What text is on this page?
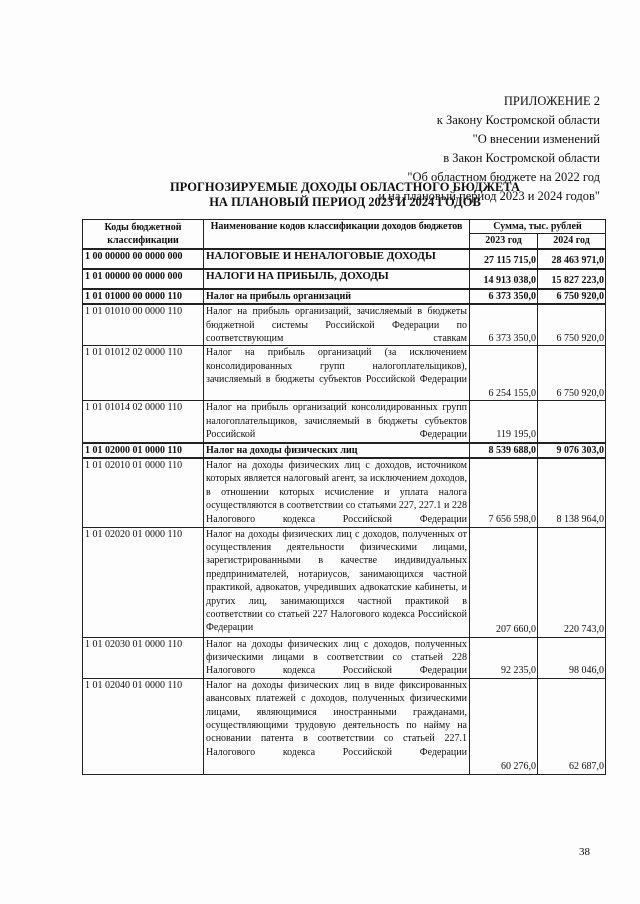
ПРИЛОЖЕНИЕ 2
к Закону Костромской области
"О внесении изменений
в Закон Костромской области
"Об областном бюджете на 2022 год
и на плановый период 2023 и 2024 годов"
ПРОГНОЗИРУЕМЫЕ ДОХОДЫ ОБЛАСТНОГО БЮДЖЕТА
НА ПЛАНОВЫЙ ПЕРИОД 2023 И 2024 ГОДОВ
Коды бюджетной классификации	Наименование кодов классификации доходов бюджетов	Сумма, тыс. рублей	
		2023 год	2024 год
1 00 00000 00 0000 000	НАЛОГОВЫЕ И НЕНАЛОГОВЫЕ ДОХОДЫ	27 115 715,0	28 463 971,0
1 01 00000 00 0000 000	НАЛОГИ НА ПРИБЫЛЬ, ДОХОДЫ	14 913 038,0	15 827 223,0
1 01 01000 00 0000 110	Налог на прибыль организаций	6 373 350,0	6 750 920,0
1 01 01010 00 0000 110	Налог на прибыль организаций, зачисляемый в бюджеты бюджетной системы Российской Федерации по соответствующим ставкам	6 373 350,0	6 750 920,0
1 01 01012 02 0000 110	Налог на прибыль организаций (за исключением консолидированных групп налогоплательщиков), зачисляемый в бюджеты субъектов Российской Федерации	6 254 155,0	6 750 920,0
1 01 01014 02 0000 110	Налог на прибыль организаций консолидированных групп налогоплательщиков, зачисляемый в бюджеты субъектов Российской Федерации	119 195,0	
1 01 02000 01 0000 110	Налог на доходы физических лиц	8 539 688,0	9 076 303,0
1 01 02010 01 0000 110	Налог на доходы физических лиц с доходов, источником которых является налоговый агент, за исключением доходов, в отношении которых исчисление и уплата налога осуществляются в соответствии со статьями 227, 227.1 и 228 Налогового кодекса Российской Федерации	7 656 598,0	8 138 964,0
1 01 02020 01 0000 110	Налог на доходы физических лиц с доходов, полученных от осуществления деятельности физическими лицами, зарегистрированными в качестве индивидуальных предпринимателей, нотариусов, занимающихся частной практикой, адвокатов, учредивших адвокатские кабинеты, и других лиц, занимающихся частной практикой в соответствии со статьей 227 Налогового кодекса Российской Федерации	207 660,0	220 743,0
1 01 02030 01 0000 110	Налог на доходы физических лиц с доходов, полученных физическими лицами в соответствии со статьей 228 Налогового кодекса Российской Федерации	92 235,0	98 046,0
1 01 02040 01 0000 110	Налог на доходы физических лиц в виде фиксированных авансовых платежей с доходов, полученных физическими лицами, являющимися иностранными гражданами, осуществляющими трудовую деятельность по найму на основании патента в соответствии со статьей 227.1 Налогового кодекса Российской Федерации	60 276,0	62 687,0
38
